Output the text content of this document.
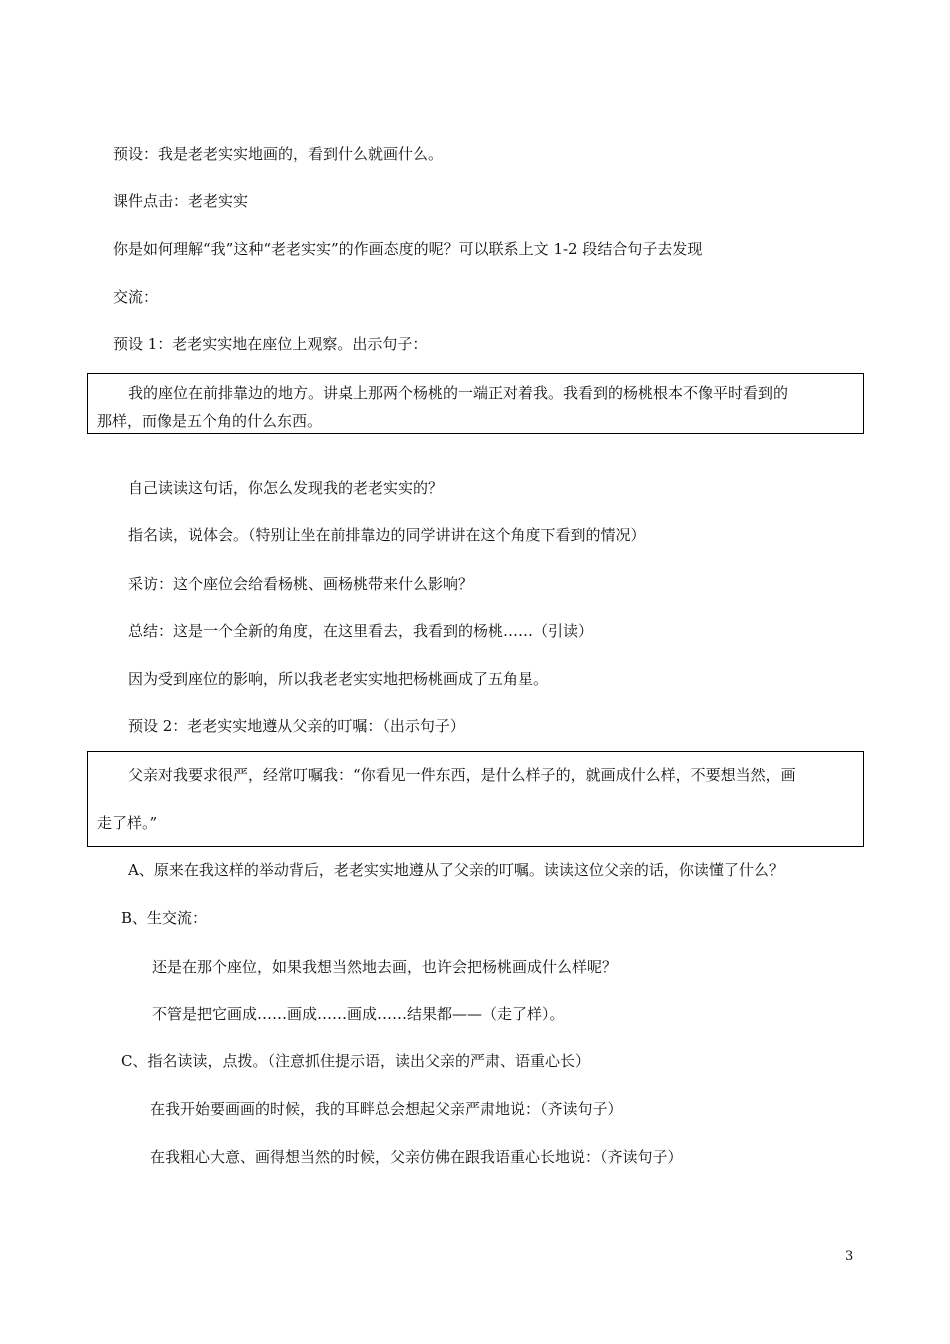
预设：我是老老实实地画的，看到什么就画什么。
课件点击：老老实实
你是如何理解“我”这种“老老实实”的作画态度的呢？可以联系上文 1-2 段结合句子去发现
交流：
预设 1：老老实实地在座位上观察。出示句子：
我的座位在前排靠边的地方。讲桌上那两个杨桃的一端正对着我。我看到的杨桃根本不像平时看到的
那样，而像是五个角的什么东西。
自己读读这句话，你怎么发现我的老老实实的？
指名读，说体会。（特别让坐在前排靠边的同学讲讲在这个角度下看到的情况）
采访：这个座位会给看杨桃、画杨桃带来什么影响？
总结：这是一个全新的角度，在这里看去，我看到的杨桃……（引读）
因为受到座位的影响，所以我老老实实地把杨桃画成了五角星。
预设 2：老老实实地遵从父亲的叮嘱：（出示句子）
父亲对我要求很严，经常叮嘱我：“你看见一件东西，是什么样子的，就画成什么样，不要想当然，画
走了样。”
A、原来在我这样的举动背后，老老实实地遵从了父亲的叮嘱。读读这位父亲的话，你读懂了什么？
B、生交流：
还是在那个座位，如果我想当然地去画，也许会把杨桃画成什么样呢？
不管是把它画成……画成……画成……结果都——（走了样）。
C、指名读读，点拨。（注意抓住提示语，读出父亲的严肃、语重心长）
在我开始要画画的时候，我的耳畔总会想起父亲严肃地说：（齐读句子）
在我粗心大意、画得想当然的时候，父亲仿佛在跟我语重心长地说：（齐读句子）
3
